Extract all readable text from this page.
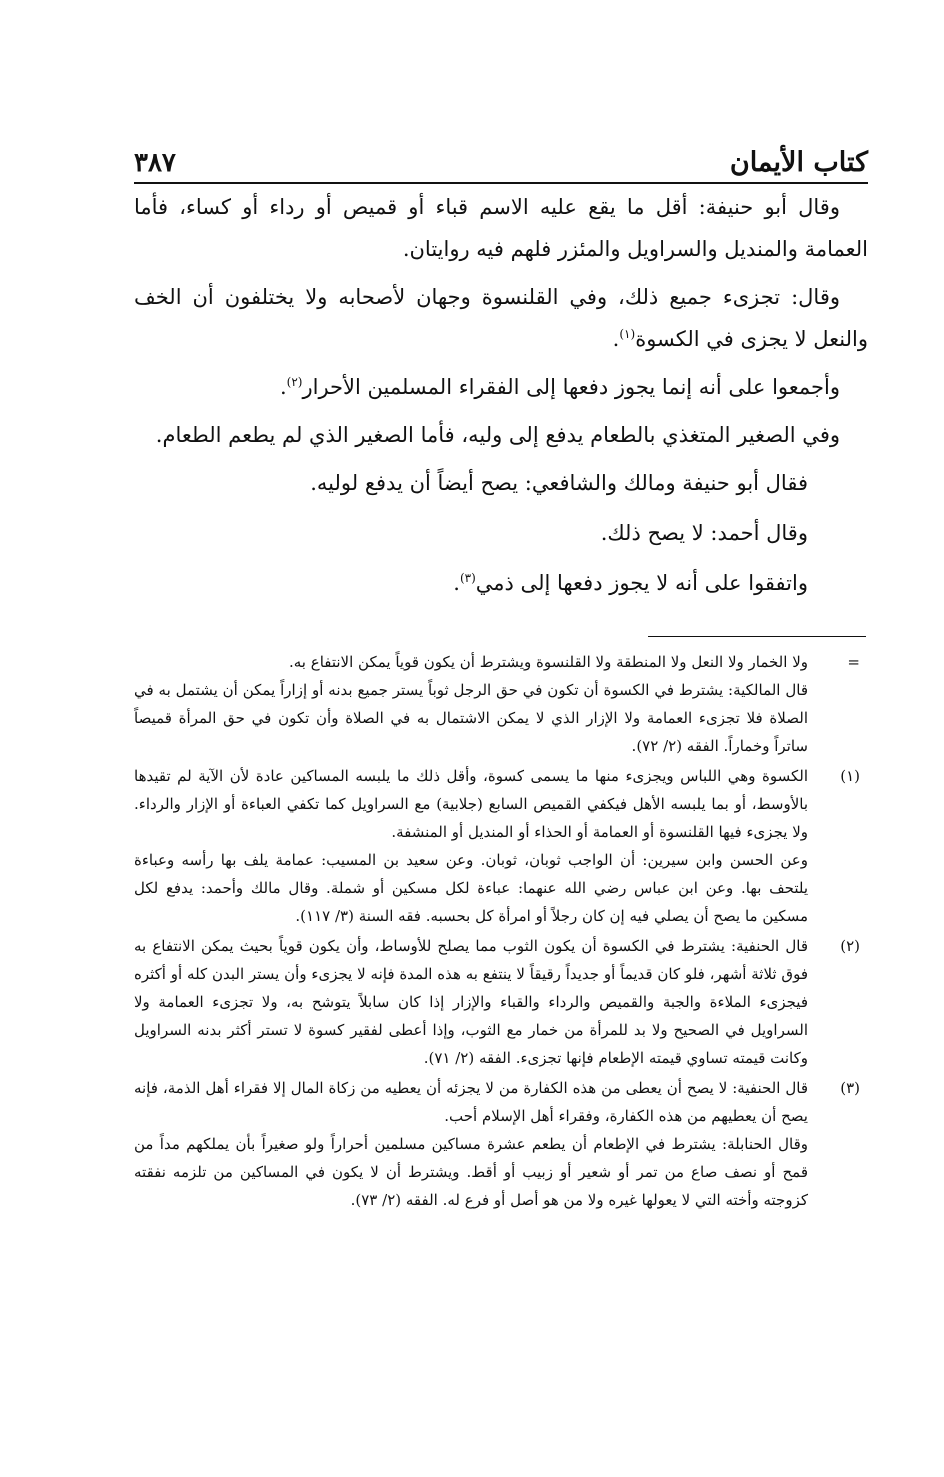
كتاب الأيمان
٣٨٧

وقال أبو حنيفة: أقل ما يقع عليه الاسم قباء أو قميص أو رداء أو كساء، فأما العمامة والمنديل والسراويل والمئزر فلهم فيه روايتان.

وقال: تجزىء جميع ذلك، وفي القلنسوة وجهان لأصحابه ولا يختلفون أن الخف والنعل لا يجزى في الكسوة$^{(١)}$.

وأجمعوا على أنه إنما يجوز دفعها إلى الفقراء المسلمين الأحرار$^{(٢)}$.

وفي الصغير المتغذي بالطعام يدفع إلى وليه، فأما الصغير الذي لم يطعم الطعام.

فقال أبو حنيفة ومالك والشافعي: يصح أيضاً أن يدفع لوليه.

وقال أحمد: لا يصح ذلك.

واتفقوا على أنه لا يجوز دفعها إلى ذمي$^{(٣)}$.

=

ولا الخمار ولا النعل ولا المنطقة ولا القلنسوة ويشترط أن يكون قوياً يمكن الانتفاع به.

قال المالكية: يشترط في الكسوة أن تكون في حق الرجل ثوباً يستر جميع بدنه أو إزاراً يمكن أن يشتمل به في الصلاة فلا تجزىء العمامة ولا الإزار الذي لا يمكن الاشتمال به في الصلاة وأن تكون في حق المرأة قميصاً ساتراً وخماراً. الفقه (٢/ ٧٢).

(١)

الكسوة وهي اللباس ويجزىء منها ما يسمى كسوة، وأقل ذلك ما يلبسه المساكين عادة لأن الآية لم تقيدها بالأوسط، أو بما يلبسه الأهل فيكفي القميص السابع (جلابية) مع السراويل كما تكفي العباءة أو الإزار والرداء. ولا يجزىء فيها القلنسوة أو العمامة أو الحذاء أو المنديل أو المنشفة.

وعن الحسن وابن سيرين: أن الواجب ثوبان، ثوبان. وعن سعيد بن المسيب: عمامة يلف بها رأسه وعباءة يلتحف بها. وعن ابن عباس رضي الله عنهما: عباءة لكل مسكين أو شملة. وقال مالك وأحمد: يدفع لكل مسكين ما يصح أن يصلي فيه إن كان رجلاً أو امرأة كل بحسبه. فقه السنة (٣/ ١١٧).

(٢)

قال الحنفية: يشترط في الكسوة أن يكون الثوب مما يصلح للأوساط، وأن يكون قوياً بحيث يمكن الانتفاع به فوق ثلاثة أشهر، فلو كان قديماً أو جديداً رقيقاً لا ينتفع به هذه المدة فإنه لا يجزىء وأن يستر البدن كله أو أكثره فيجزىء الملاءة والجبة والقميص والرداء والقباء والإزار إذا كان سابلاً يتوشح به، ولا تجزىء العمامة ولا السراويل في الصحيح ولا بد للمرأة من خمار مع الثوب، وإذا أعطى لفقير كسوة لا تستر أكثر بدنه السراويل وكانت قيمته تساوي قيمته الإطعام فإنها تجزىء. الفقه (٢/ ٧١).

(٣)

قال الحنفية: لا يصح أن يعطى من هذه الكفارة من لا يجزئه أن يعطيه من زكاة المال إلا فقراء أهل الذمة، فإنه يصح أن يعطيهم من هذه الكفارة، وفقراء أهل الإسلام أحب.

وقال الحنابلة: يشترط في الإطعام أن يطعم عشرة مساكين مسلمين أحراراً ولو صغيراً بأن يملكهم مداً من قمح أو نصف صاع من تمر أو شعير أو زبيب أو أقط. ويشترط أن لا يكون في المساكين من تلزمه نفقته كزوجته وأخته التي لا يعولها غيره ولا من هو أصل أو فرع له. الفقه (٢/ ٧٣).
